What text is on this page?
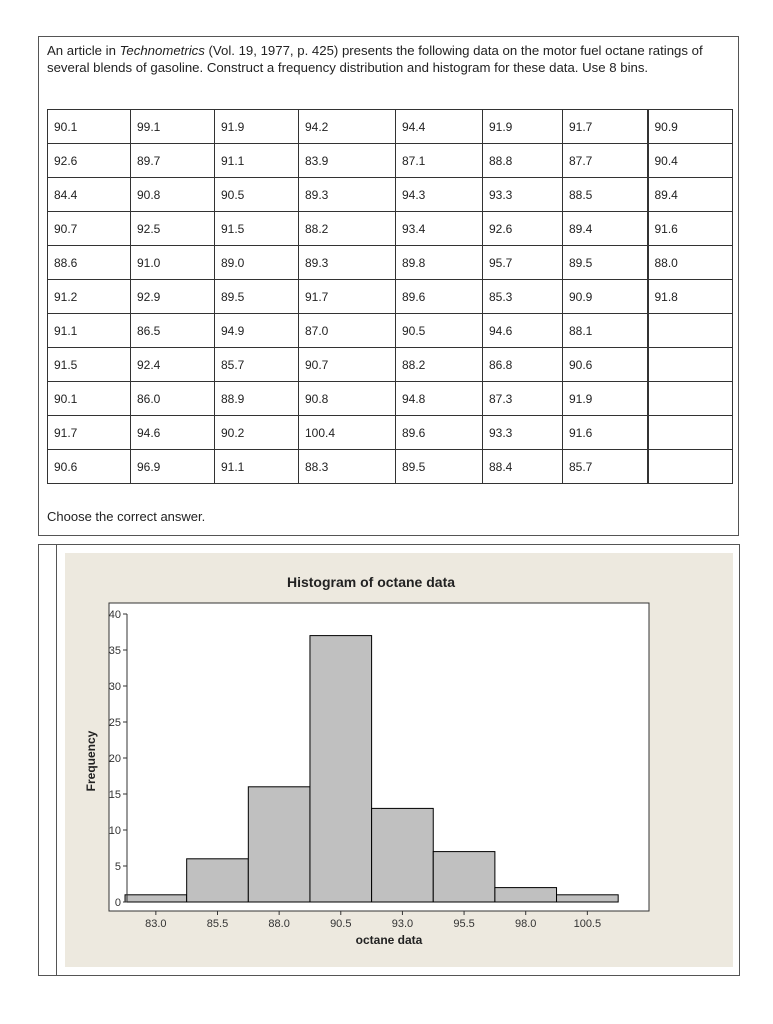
An article in Technometrics (Vol. 19, 1977, p. 425) presents the following data on the motor fuel octane ratings of several blends of gasoline. Construct a frequency distribution and histogram for these data. Use 8 bins.
90.1	99.1	91.9	94.2	94.4	91.9	91.7	90.9
92.6	89.7	91.1	83.9	87.1	88.8	87.7	90.4
84.4	90.8	90.5	89.3	94.3	93.3	88.5	89.4
90.7	92.5	91.5	88.2	93.4	92.6	89.4	91.6
88.6	91.0	89.0	89.3	89.8	95.7	89.5	88.0
91.2	92.9	89.5	91.7	89.6	85.3	90.9	91.8
91.1	86.5	94.9	87.0	90.5	94.6	88.1	
91.5	92.4	85.7	90.7	88.2	86.8	90.6	
90.1	86.0	88.9	90.8	94.8	87.3	91.9	
91.7	94.6	90.2	100.4	89.6	93.3	91.6	
90.6	96.9	91.1	88.3	89.5	88.4	85.7	
Choose the correct answer.
Histogram of octane data
0
5
10
15
20
25
30
35
40
83.0	85.5	88.0	90.5	93.0	95.5	98.0	100.5
octane data
Frequency
